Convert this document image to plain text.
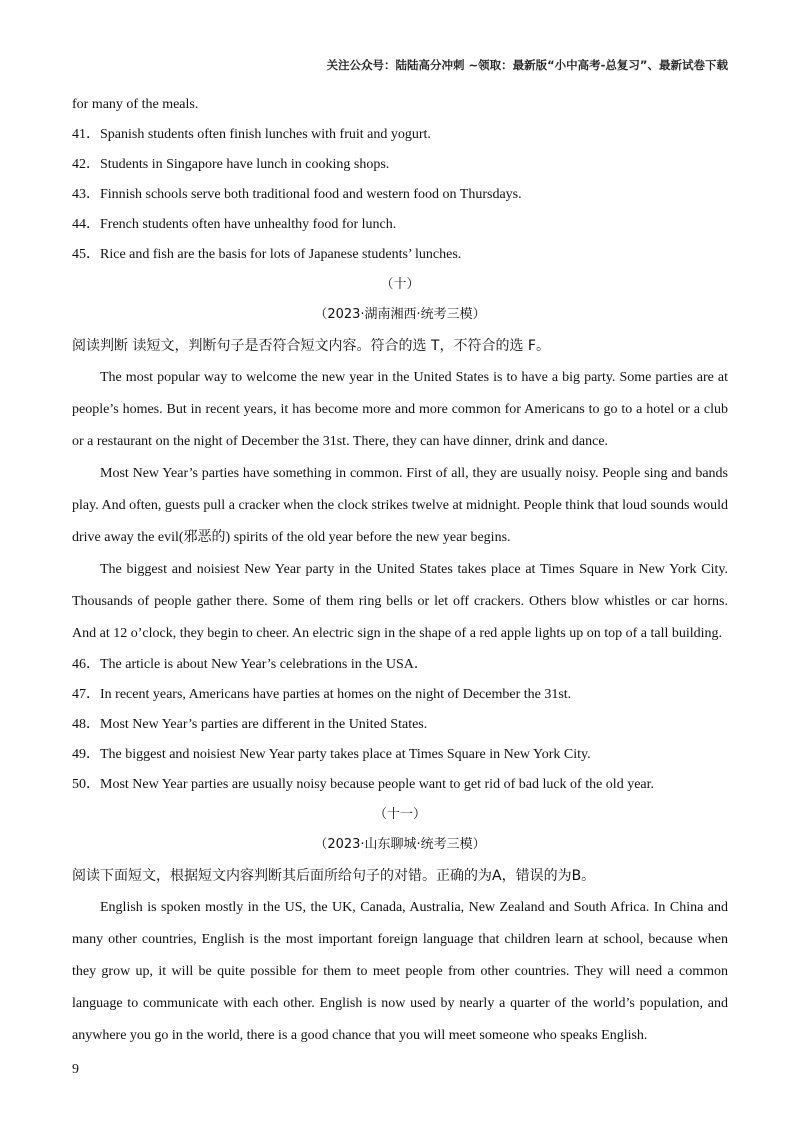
关注公众号：陆陆高分冲刺 ~领取：最新版“小中高考-总复习”、最新试卷下载
for many of the meals.
41．Spanish students often finish lunches with fruit and yogurt.
42．Students in Singapore have lunch in cooking shops.
43．Finnish schools serve both traditional food and western food on Thursdays.
44．French students often have unhealthy food for lunch.
45．Rice and fish are the basis for lots of Japanese students’ lunches.
（十）
（2023·湖南湘西·统考三模）
阅读判断 读短文，判断句子是否符合短文内容。符合的选 T，不符合的选 F。
The most popular way to welcome the new year in the United States is to have a big party. Some parties are at people’s homes. But in recent years, it has become more and more common for Americans to go to a hotel or a club or a restaurant on the night of December the 31st. There, they can have dinner, drink and dance.
Most New Year’s parties have something in common. First of all, they are usually noisy. People sing and bands play. And often, guests pull a cracker when the clock strikes twelve at midnight. People think that loud sounds would drive away the evil(邪恶的) spirits of the old year before the new year begins.
The biggest and noisiest New Year party in the United States takes place at Times Square in New York City. Thousands of people gather there. Some of them ring bells or let off crackers. Others blow whistles or car horns. And at 12 o’clock, they begin to cheer. An electric sign in the shape of a red apple lights up on top of a tall building.
46．The article is about New Year’s celebrations in the USA．
47．In recent years, Americans have parties at homes on the night of December the 31st.
48．Most New Year’s parties are different in the United States.
49．The biggest and noisiest New Year party takes place at Times Square in New York City.
50．Most New Year parties are usually noisy because people want to get rid of bad luck of the old year.
（十一）
（2023·山东聊城·统考三模）
阅读下面短文，根据短文内容判断其后面所给句子的对错。正确的为A，错误的为B。
English is spoken mostly in the US, the UK, Canada, Australia, New Zealand and South Africa. In China and many other countries, English is the most important foreign language that children learn at school, because when they grow up, it will be quite possible for them to meet people from other countries. They will need a common language to communicate with each other. English is now used by nearly a quarter of the world’s population, and anywhere you go in the world, there is a good chance that you will meet someone who speaks English.
9
